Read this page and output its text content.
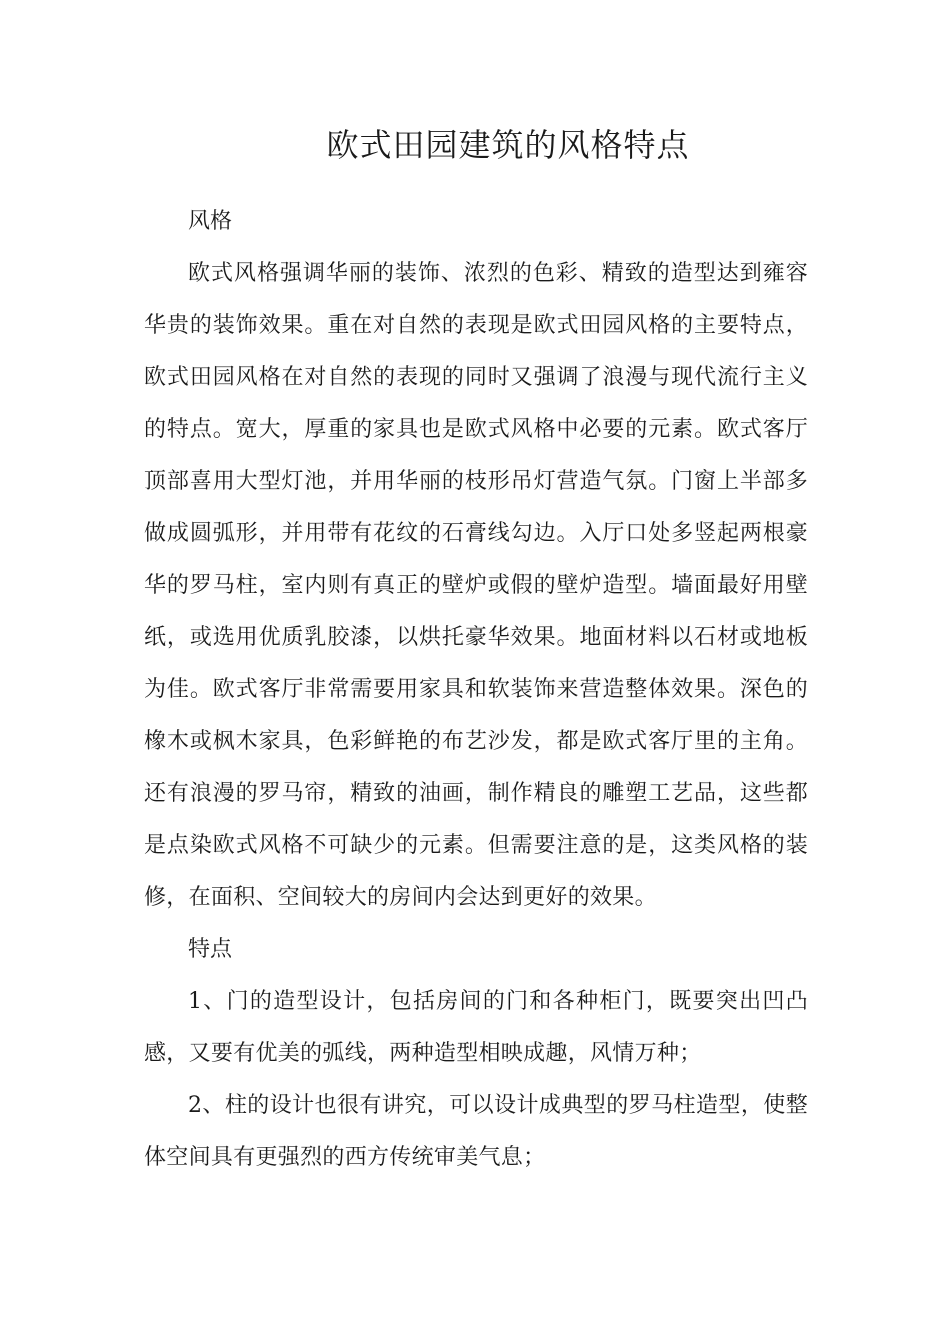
欧式田园建筑的风格特点

风格

欧式风格强调华丽的装饰、浓烈的色彩、精致的造型达到雍容华贵的装饰效果。重在对自然的表现是欧式田园风格的主要特点，欧式田园风格在对自然的表现的同时又强调了浪漫与现代流行主义的特点。宽大，厚重的家具也是欧式风格中必要的元素。欧式客厅顶部喜用大型灯池，并用华丽的枝形吊灯营造气氛。门窗上半部多做成圆弧形，并用带有花纹的石膏线勾边。入厅口处多竖起两根豪华的罗马柱，室内则有真正的壁炉或假的壁炉造型。墙面最好用壁纸，或选用优质乳胶漆，以烘托豪华效果。地面材料以石材或地板为佳。欧式客厅非常需要用家具和软装饰来营造整体效果。深色的橡木或枫木家具，色彩鲜艳的布艺沙发，都是欧式客厅里的主角。还有浪漫的罗马帘，精致的油画，制作精良的雕塑工艺品，这些都是点染欧式风格不可缺少的元素。但需要注意的是，这类风格的装修，在面积、空间较大的房间内会达到更好的效果。

特点

1、门的造型设计，包括房间的门和各种柜门，既要突出凹凸感，又要有优美的弧线，两种造型相映成趣，风情万种；

2、柱的设计也很有讲究，可以设计成典型的罗马柱造型，使整体空间具有更强烈的西方传统审美气息；
